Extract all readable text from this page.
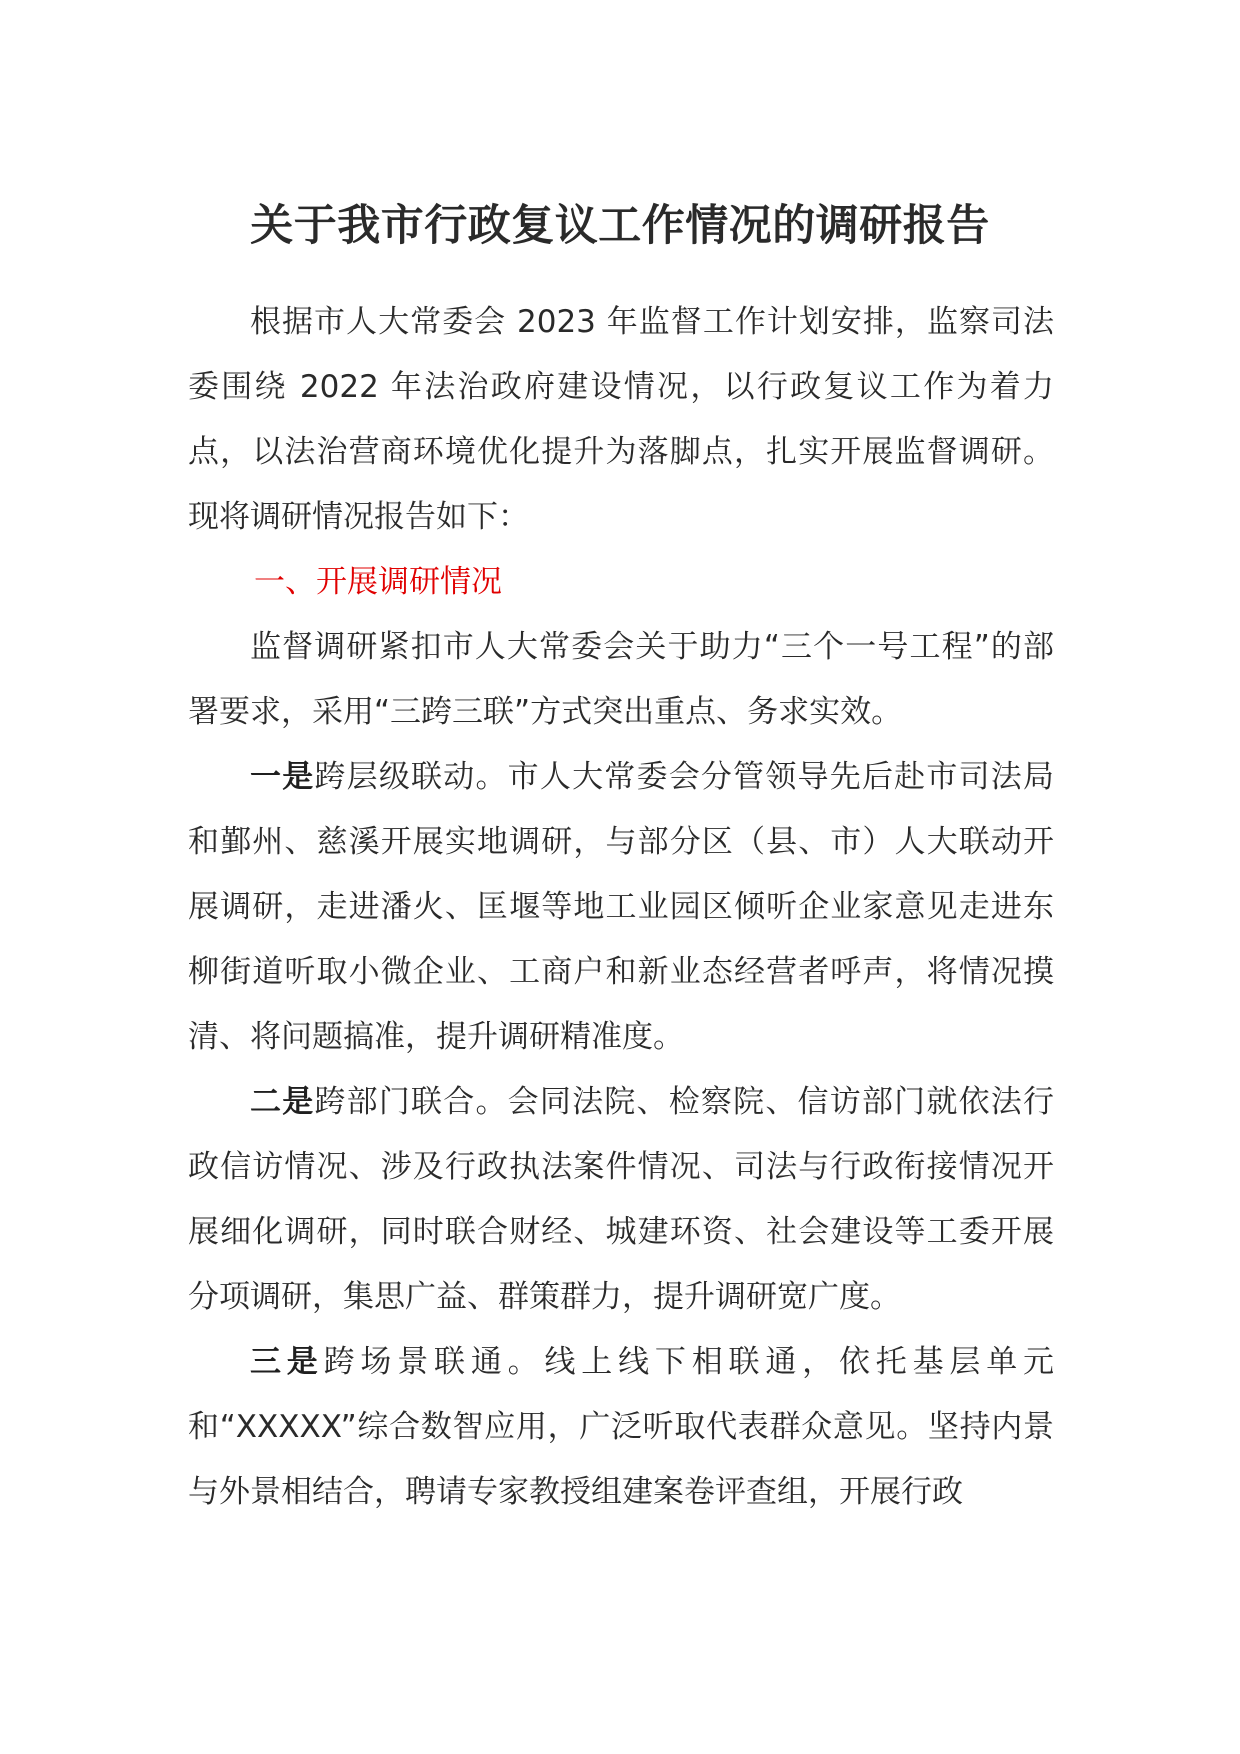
关于我市行政复议工作情况的调研报告

根据市人大常委会 2023 年监督工作计划安排，监察司法委围绕 2022 年法治政府建设情况，以行政复议工作为着力点，以法治营商环境优化提升为落脚点，扎实开展监督调研。现将调研情况报告如下：

一、开展调研情况

监督调研紧扣市人大常委会关于助力“三个一号工程”的部署要求，采用“三跨三联”方式突出重点、务求实效。

一是跨层级联动。市人大常委会分管领导先后赴市司法局和鄞州、慈溪开展实地调研，与部分区（县、市）人大联动开展调研，走进潘火、匡堰等地工业园区倾听企业家意见走进东柳街道听取小微企业、工商户和新业态经营者呼声，将情况摸清、将问题搞准，提升调研精准度。

二是跨部门联合。会同法院、检察院、信访部门就依法行政信访情况、涉及行政执法案件情况、司法与行政衔接情况开展细化调研，同时联合财经、城建环资、社会建设等工委开展分项调研，集思广益、群策群力，提升调研宽广度。

三是跨场景联通。线上线下相联通，依托基层单元和“XXXXX”综合数智应用，广泛听取代表群众意见。坚持内景与外景相结合，聘请专家教授组建案卷评查组，开展行政
